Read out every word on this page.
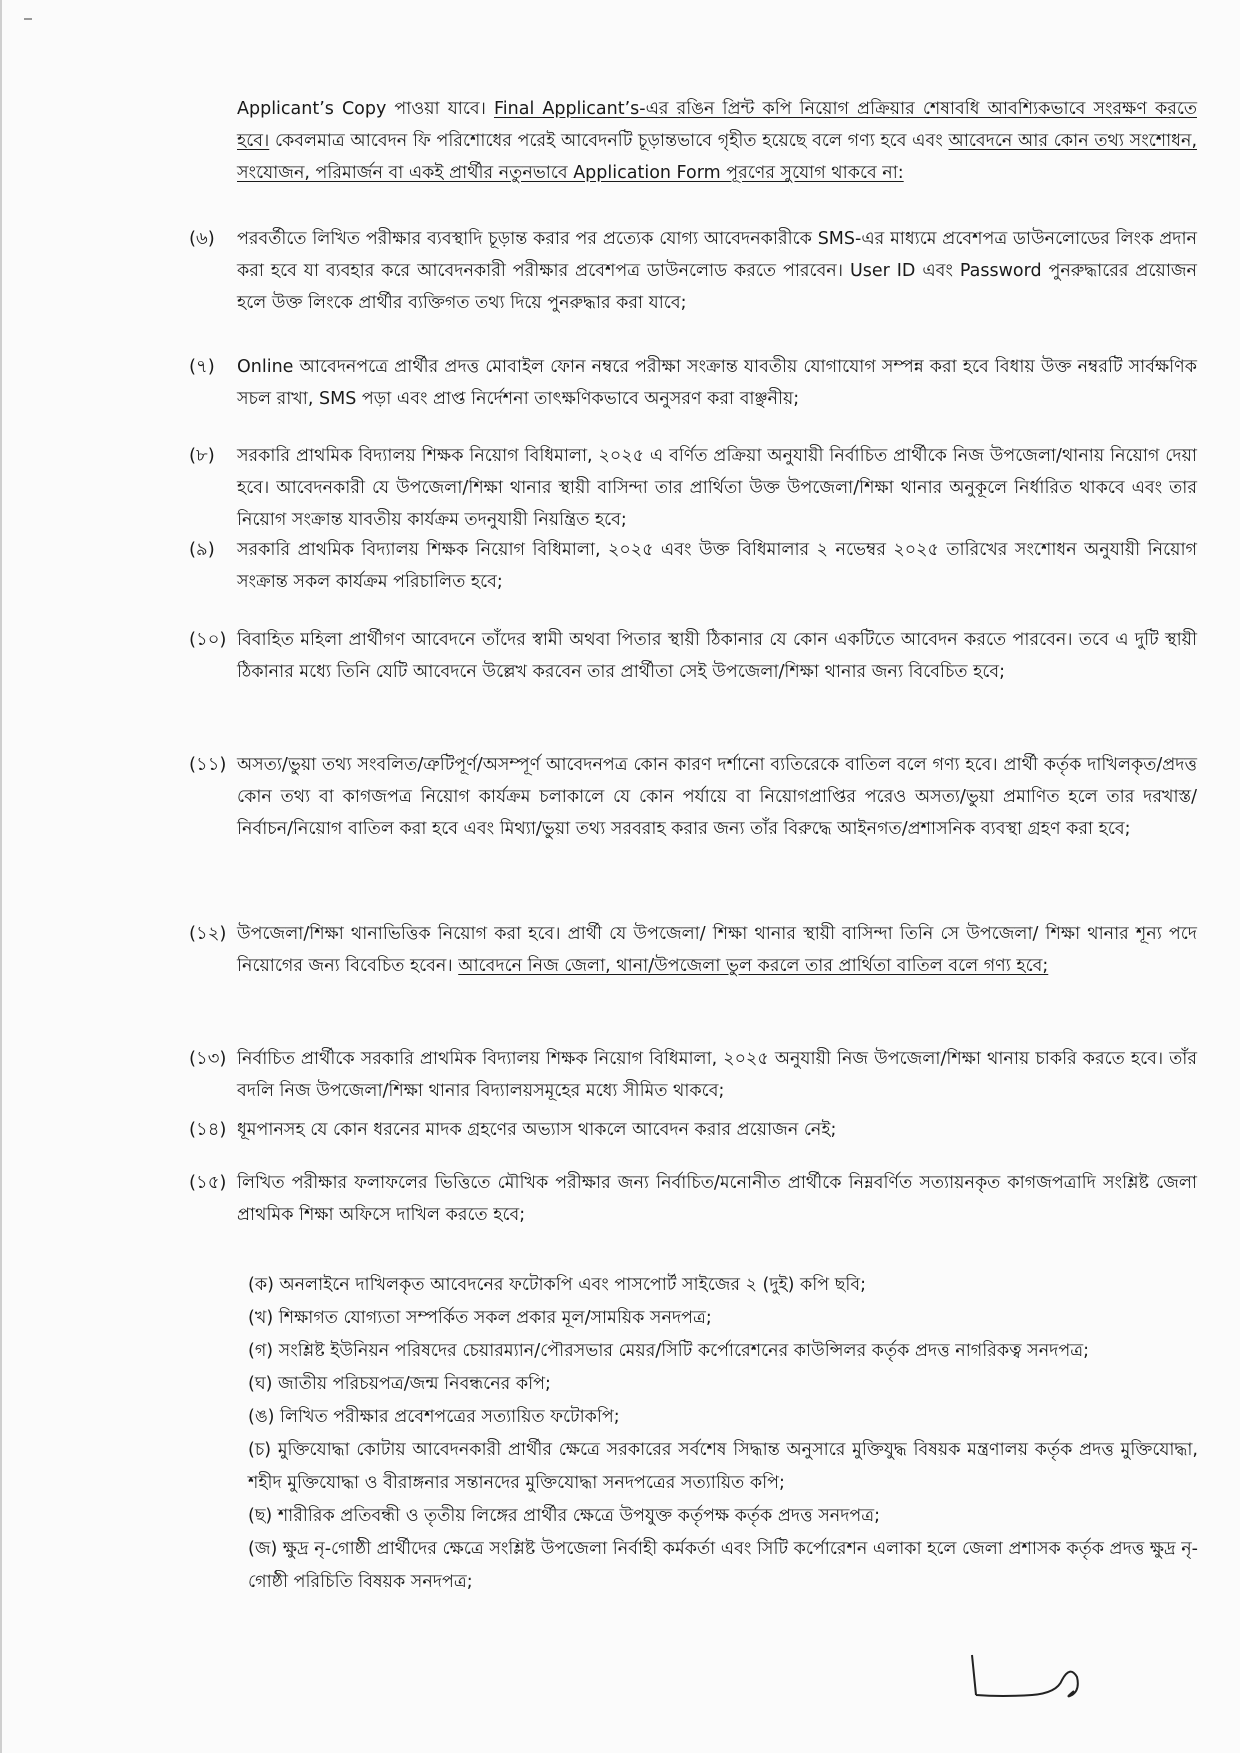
Applicant’s Copy পাওয়া যাবে। Final Applicant’s-এর রঙিন প্রিন্ট কপি নিয়োগ প্রক্রিয়ার শেষাবধি আবশ্যিকভাবে সংরক্ষণ করতে হবে। কেবলমাত্র আবেদন ফি পরিশোধের পরেই আবেদনটি চূড়ান্তভাবে গৃহীত হয়েছে বলে গণ্য হবে এবং আবেদনে আর কোন তথ্য সংশোধন, সংযোজন, পরিমার্জন বা একই প্রার্থীর নতুনভাবে Application Form পূরণের সুযোগ থাকবে না:
(৬) পরবর্তীতে লিখিত পরীক্ষার ব্যবস্থাদি চূড়ান্ত করার পর প্রত্যেক যোগ্য আবেদনকারীকে SMS-এর মাধ্যমে প্রবেশপত্র ডাউনলোডের লিংক প্রদান করা হবে যা ব্যবহার করে আবেদনকারী পরীক্ষার প্রবেশপত্র ডাউনলোড করতে পারবেন। User ID এবং Password পুনরুদ্ধারের প্রয়োজন হলে উক্ত লিংকে প্রার্থীর ব্যক্তিগত তথ্য দিয়ে পুনরুদ্ধার করা যাবে;
(৭) Online আবেদনপত্রে প্রার্থীর প্রদত্ত মোবাইল ফোন নম্বরে পরীক্ষা সংক্রান্ত যাবতীয় যোগাযোগ সম্পন্ন করা হবে বিধায় উক্ত নম্বরটি সার্বক্ষণিক সচল রাখা, SMS পড়া এবং প্রাপ্ত নির্দেশনা তাৎক্ষণিকভাবে অনুসরণ করা বাঞ্ছনীয়;
(৮) সরকারি প্রাথমিক বিদ্যালয় শিক্ষক নিয়োগ বিধিমালা, ২০২৫ এ বর্ণিত প্রক্রিয়া অনুযায়ী নির্বাচিত প্রার্থীকে নিজ উপজেলা/থানায় নিয়োগ দেয়া হবে। আবেদনকারী যে উপজেলা/শিক্ষা থানার স্থায়ী বাসিন্দা তার প্রার্থিতা উক্ত উপজেলা/শিক্ষা থানার অনুকূলে নির্ধারিত থাকবে এবং তার নিয়োগ সংক্রান্ত যাবতীয় কার্যক্রম তদনুযায়ী নিয়ন্ত্রিত হবে;
(৯) সরকারি প্রাথমিক বিদ্যালয় শিক্ষক নিয়োগ বিধিমালা, ২০২৫ এবং উক্ত বিধিমালার ২ নভেম্বর ২০২৫ তারিখের সংশোধন অনুযায়ী নিয়োগ সংক্রান্ত সকল কার্যক্রম পরিচালিত হবে;
(১০) বিবাহিত মহিলা প্রার্থীগণ আবেদনে তাঁদের স্বামী অথবা পিতার স্থায়ী ঠিকানার যে কোন একটিতে আবেদন করতে পারবেন। তবে এ দুটি স্থায়ী ঠিকানার মধ্যে তিনি যেটি আবেদনে উল্লেখ করবেন তার প্রার্থীতা সেই উপজেলা/শিক্ষা থানার জন্য বিবেচিত হবে;
(১১) অসত্য/ভুয়া তথ্য সংবলিত/ত্রুটিপূর্ণ/অসম্পূর্ণ আবেদনপত্র কোন কারণ দর্শানো ব্যতিরেকে বাতিল বলে গণ্য হবে। প্রার্থী কর্তৃক দাখিলকৃত/প্রদত্ত কোন তথ্য বা কাগজপত্র নিয়োগ কার্যক্রম চলাকালে যে কোন পর্যায়ে বা নিয়োগপ্রাপ্তির পরেও অসত্য/ভুয়া প্রমাণিত হলে তার দরখাস্ত/নির্বাচন/নিয়োগ বাতিল করা হবে এবং মিথ্যা/ভুয়া তথ্য সরবরাহ করার জন্য তাঁর বিরুদ্ধে আইনগত/প্রশাসনিক ব্যবস্থা গ্রহণ করা হবে;
(১২) উপজেলা/শিক্ষা থানাভিত্তিক নিয়োগ করা হবে। প্রার্থী যে উপজেলা/ শিক্ষা থানার স্থায়ী বাসিন্দা তিনি সে উপজেলা/ শিক্ষা থানার শূন্য পদে নিয়োগের জন্য বিবেচিত হবেন। আবেদনে নিজ জেলা, থানা/উপজেলা ভুল করলে তার প্রার্থিতা বাতিল বলে গণ্য হবে;
(১৩) নির্বাচিত প্রার্থীকে সরকারি প্রাথমিক বিদ্যালয় শিক্ষক নিয়োগ বিধিমালা, ২০২৫ অনুযায়ী নিজ উপজেলা/শিক্ষা থানায় চাকরি করতে হবে। তাঁর বদলি নিজ উপজেলা/শিক্ষা থানার বিদ্যালয়সমূহের মধ্যে সীমিত থাকবে;
(১৪) ধূমপানসহ যে কোন ধরনের মাদক গ্রহণের অভ্যাস থাকলে আবেদন করার প্রয়োজন নেই;
(১৫) লিখিত পরীক্ষার ফলাফলের ভিত্তিতে মৌখিক পরীক্ষার জন্য নির্বাচিত/মনোনীত প্রার্থীকে নিম্নবর্ণিত সত্যায়নকৃত কাগজপত্রাদি সংশ্লিষ্ট জেলা প্রাথমিক শিক্ষা অফিসে দাখিল করতে হবে;
(ক) অনলাইনে দাখিলকৃত আবেদনের ফটোকপি এবং পাসপোর্ট সাইজের ২ (দুই) কপি ছবি;
(খ) শিক্ষাগত যোগ্যতা সম্পর্কিত সকল প্রকার মূল/সাময়িক সনদপত্র;
(গ) সংশ্লিষ্ট ইউনিয়ন পরিষদের চেয়ারম্যান/পৌরসভার মেয়র/সিটি কর্পোরেশনের কাউন্সিলর কর্তৃক প্রদত্ত নাগরিকত্ব সনদপত্র;
(ঘ) জাতীয় পরিচয়পত্র/জন্ম নিবন্ধনের কপি;
(ঙ) লিখিত পরীক্ষার প্রবেশপত্রের সত্যায়িত ফটোকপি;
(চ) মুক্তিযোদ্ধা কোটায় আবেদনকারী প্রার্থীর ক্ষেত্রে সরকারের সর্বশেষ সিদ্ধান্ত অনুসারে মুক্তিযুদ্ধ বিষয়ক মন্ত্রণালয় কর্তৃক প্রদত্ত মুক্তিযোদ্ধা, শহীদ মুক্তিযোদ্ধা ও বীরাঙ্গনার সন্তানদের মুক্তিযোদ্ধা সনদপত্রের সত্যায়িত কপি;
(ছ) শারীরিক প্রতিবন্ধী ও তৃতীয় লিঙ্গের প্রার্থীর ক্ষেত্রে উপযুক্ত কর্তৃপক্ষ কর্তৃক প্রদত্ত সনদপত্র;
(জ) ক্ষুদ্র নৃ-গোষ্ঠী প্রার্থীদের ক্ষেত্রে সংশ্লিষ্ট উপজেলা নির্বাহী কর্মকর্তা এবং সিটি কর্পোরেশন এলাকা হলে জেলা প্রশাসক কর্তৃক প্রদত্ত ক্ষুদ্র নৃ-গোষ্ঠী পরিচিতি বিষয়ক সনদপত্র;
